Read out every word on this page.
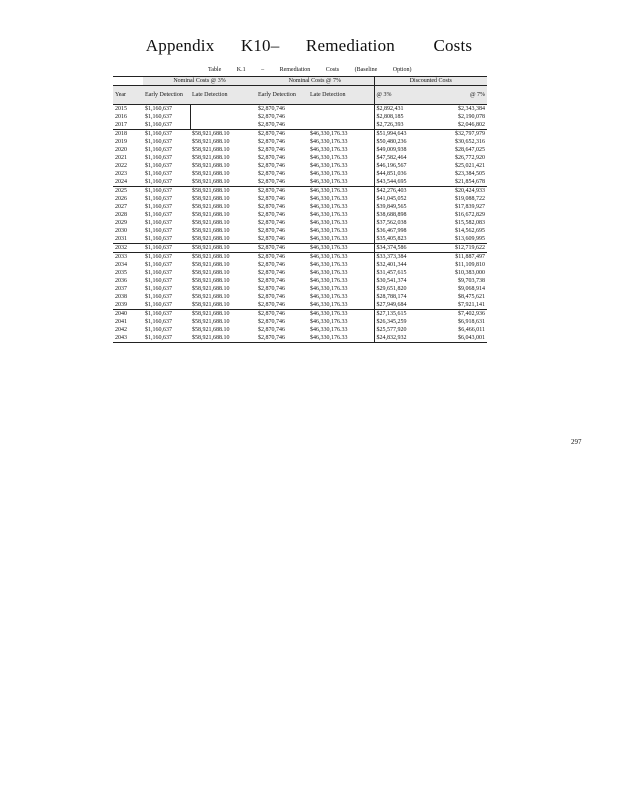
Appendix K10– Remediation Costs
Table	K.1	–	Remediation	Costs	(Baseline	Option)
	Nominal Costs @ 3%		Nominal Costs @ 7%		Discounted Costs	
Year	Early Detection	Late Detection	Early Detection	Late Detection	@ 3%	@ 7%
2015	$1,160,637		$2,870,746		$2,892,431	$2,343,384
2016	$1,160,637		$2,870,746		$2,808,185	$2,190,078
2017	$1,160,637		$2,870,746		$2,726,393	$2,046,802
2018	$1,160,637	$58,921,688.10	$2,870,746	$46,330,176.33	$51,994,643	$32,797,979
2019	$1,160,637	$58,921,688.10	$2,870,746	$46,330,176.33	$50,480,236	$30,652,316
2020	$1,160,637	$58,921,688.10	$2,870,746	$46,330,176.33	$49,009,938	$28,647,025
2021	$1,160,637	$58,921,688.10	$2,870,746	$46,330,176.33	$47,582,464	$26,772,920
2022	$1,160,637	$58,921,688.10	$2,870,746	$46,330,176.33	$46,196,567	$25,021,421
2023	$1,160,637	$58,921,688.10	$2,870,746	$46,330,176.33	$44,851,036	$23,384,505
2024	$1,160,637	$58,921,688.10	$2,870,746	$46,330,176.33	$43,544,695	$21,854,678
2025	$1,160,637	$58,921,688.10	$2,870,746	$46,330,176.33	$42,276,403	$20,424,933
2026	$1,160,637	$58,921,688.10	$2,870,746	$46,330,176.33	$41,045,052	$19,088,722
2027	$1,160,637	$58,921,688.10	$2,870,746	$46,330,176.33	$39,849,565	$17,839,927
2028	$1,160,637	$58,921,688.10	$2,870,746	$46,330,176.33	$38,688,898	$16,672,829
2029	$1,160,637	$58,921,688.10	$2,870,746	$46,330,176.33	$37,562,038	$15,582,083
2030	$1,160,637	$58,921,688.10	$2,870,746	$46,330,176.33	$36,467,998	$14,562,695
2031	$1,160,637	$58,921,688.10	$2,870,746	$46,330,176.33	$35,405,823	$13,609,995
2032	$1,160,637	$58,921,688.10	$2,870,746	$46,330,176.33	$34,374,586	$12,719,622
2033	$1,160,637	$58,921,688.10	$2,870,746	$46,330,176.33	$33,373,384	$11,887,497
2034	$1,160,637	$58,921,688.10	$2,870,746	$46,330,176.33	$32,401,344	$11,109,810
2035	$1,160,637	$58,921,688.10	$2,870,746	$46,330,176.33	$31,457,615	$10,383,000
2036	$1,160,637	$58,921,688.10	$2,870,746	$46,330,176.33	$30,541,374	$9,703,738
2037	$1,160,637	$58,921,688.10	$2,870,746	$46,330,176.33	$29,651,820	$9,068,914
2038	$1,160,637	$58,921,688.10	$2,870,746	$46,330,176.33	$28,788,174	$8,475,621
2039	$1,160,637	$58,921,688.10	$2,870,746	$46,330,176.33	$27,949,684	$7,921,141
2040	$1,160,637	$58,921,688.10	$2,870,746	$46,330,176.33	$27,135,615	$7,402,936
2041	$1,160,637	$58,921,688.10	$2,870,746	$46,330,176.33	$26,345,259	$6,918,631
2042	$1,160,637	$58,921,688.10	$2,870,746	$46,330,176.33	$25,577,920	$6,466,011
2043	$1,160,637	$58,921,688.10	$2,870,746	$46,330,176.33	$24,832,932	$6,043,001
297
